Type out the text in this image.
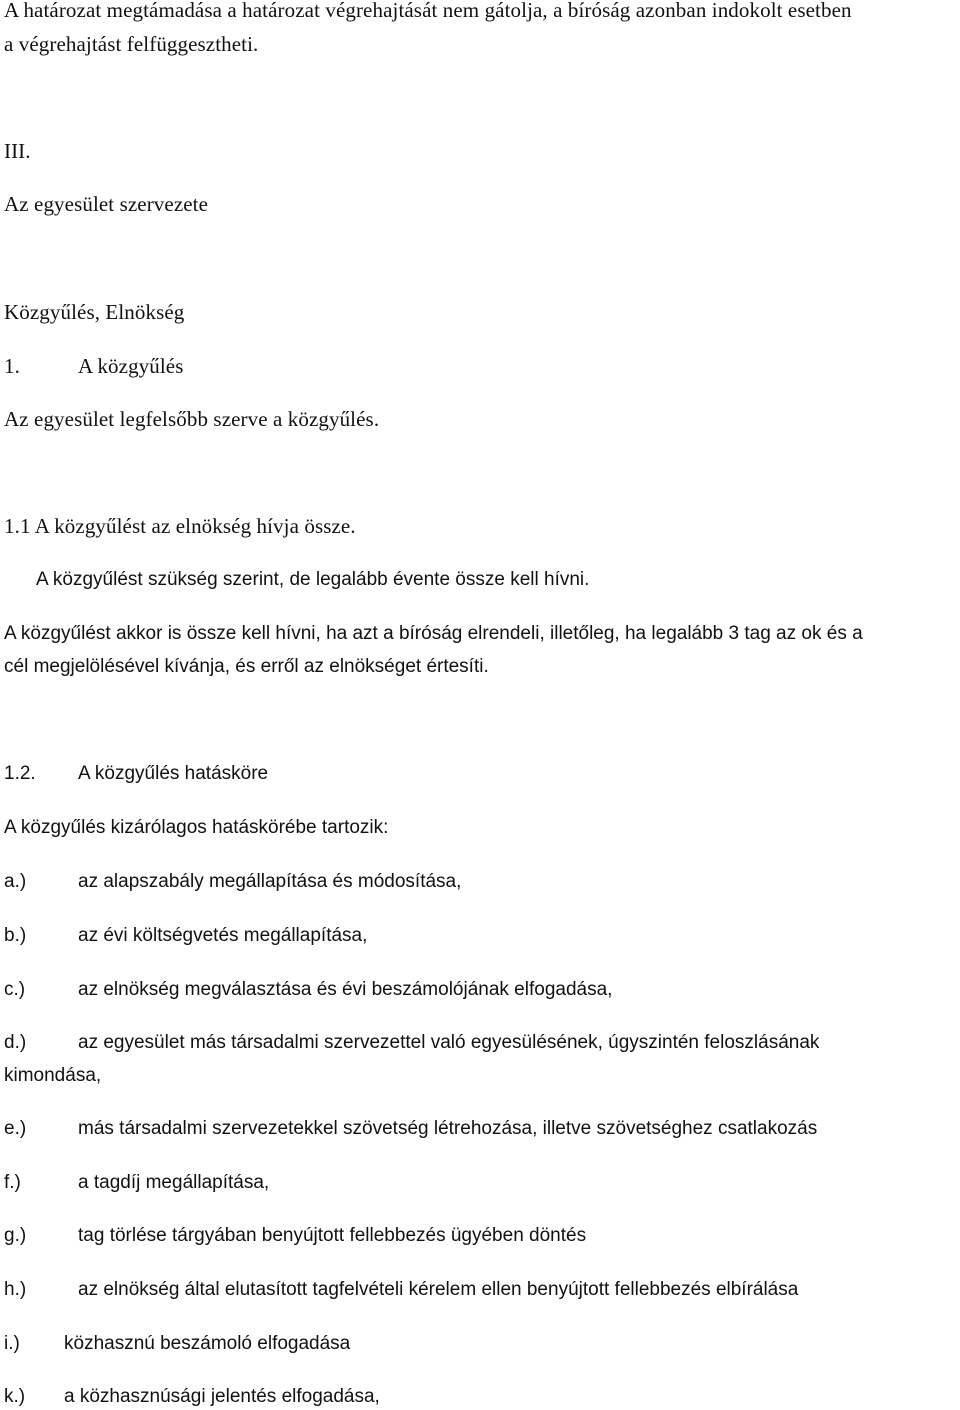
A határozat megtámadása a határozat végrehajtását nem gátolja, a bíróság azonban indokolt esetben
a végrehajtást felfüggesztheti.
III.
Az egyesület szervezete
Közgyűlés, Elnökség
1.	A közgyűlés
Az egyesület legfelsőbb szerve a közgyűlés.
1.1 A közgyűlést az elnökség hívja össze.
A közgyűlést szükség szerint, de legalább évente össze kell hívni.
A közgyűlést akkor is össze kell hívni, ha azt a bíróság elrendeli, illetőleg, ha legalább 3 tag az ok és a
cél megjelölésével kívánja, és erről az elnökséget értesíti.
1.2. A közgyűlés hatásköre
A közgyűlés kizárólagos hatáskörébe tartozik:
a.)	az alapszabály megállapítása és módosítása,
b.)	az évi költségvetés megállapítása,
c.)	az elnökség megválasztása és évi beszámolójának elfogadása,
d.)	az egyesület más társadalmi szervezettel való egyesülésének, úgyszintén feloszlásának
kimondása,
e.)	más társadalmi szervezetekkel szövetség létrehozása, illetve szövetséghez csatlakozás
f.)	a tagdíj megállapítása,
g.)	tag törlése tárgyában benyújtott fellebbezés ügyében döntés
h.)	az elnökség által elutasított tagfelvételi kérelem ellen benyújtott fellebbezés elbírálása
i.) közhasznú beszámoló elfogadása
k.) a közhasznúsági jelentés elfogadása,
